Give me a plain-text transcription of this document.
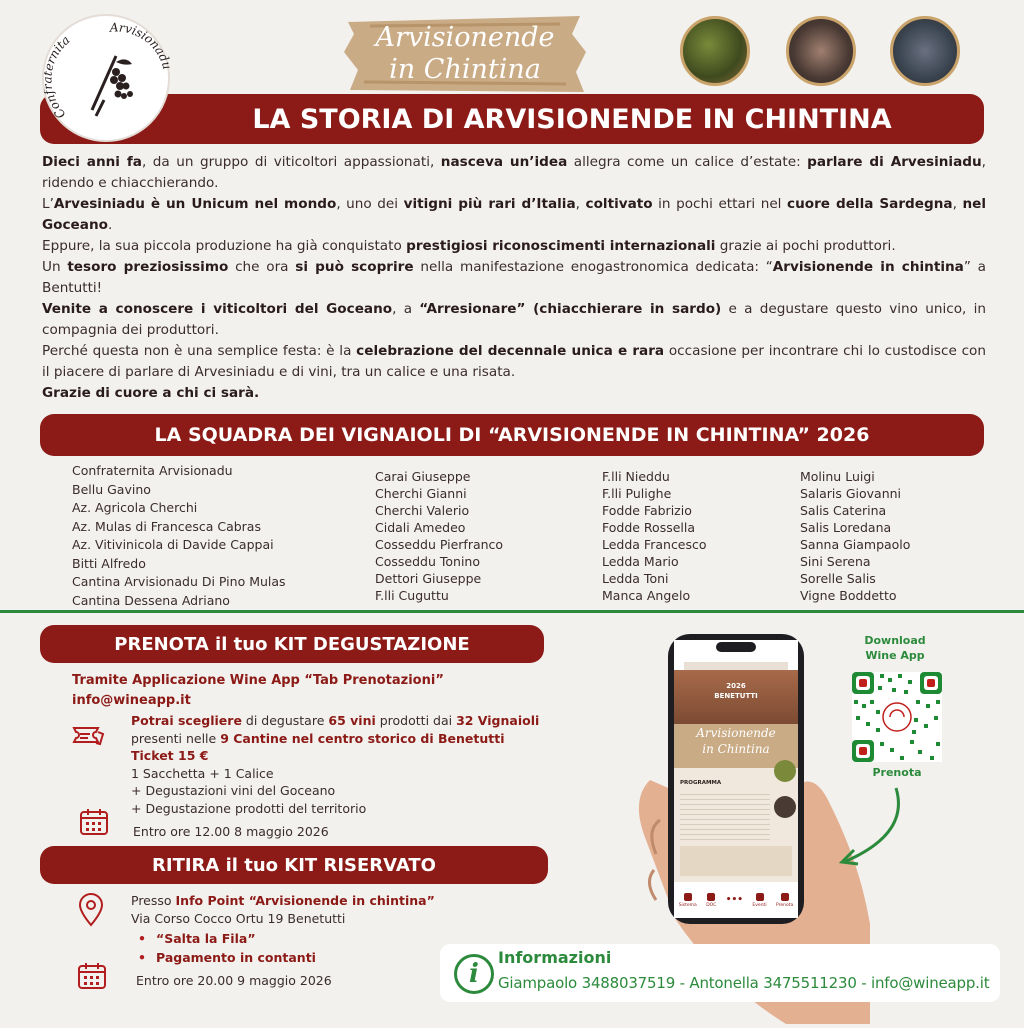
Con rnita
Arvisionad
Arvisionende
in Chintina
LA STORIA DI ARVISIONENDE IN CHINTINA
Dieci anni fa, da un gruppo di viticoltori appassionati, nasceva un’idea allegra come un calice d’estate: parlare di Arvesiniadu, ridendo e chiacchierando.
L’Arvesiniadu è un Unicum nel mondo, uno dei vitigni più rari d’Italia, coltivato in pochi ettari nel cuore della Sardegna, nel Goceano.
Eppure, la sua piccola produzione ha già conquistato prestigiosi riconoscimenti internazionali grazie ai pochi produttori.
Un tesoro preziosissimo che ora si può scoprire nella manifestazione enogastronomica dedicata: “Arvisionende in chintina” a Bentutti!
Venite a conoscere i viticoltori del Goceano, a “Arresionare” (chiacchierare in sardo) e a degustare questo vino unico, in compagnia dei produttori.
Perché questa non è una semplice festa: è la celebrazione del decennale unica e rara occasione per incontrare chi lo custodisce con il piacere di parlare di Arvesiniadu e di vini, tra un calice e una risata.
Grazie di cuore a chi ci sarà.
LA SQUADRA DEI VIGNAIOLI DI “ARVISIONENDE IN CHINTINA” 2026
Confraternita Arvisionadu
Bellu Gavino
Az. Agricola Cherchi
Az. Mulas di Francesca Cabras
Az. Vitivinicola di Davide Cappai
Bitti Alfredo
Cantina Arvisionadu Di Pino Mulas
Cantina Dessena Adriano
Carai Giuseppe
Cherchi Gianni
Cherchi Valerio
Cidali Amedeo
Cosseddu Pierfranco
Cosseddu Tonino
Dettori Giuseppe
F.lli Cuguttu
F.lli Nieddu
F.lli Pulighe
Fodde Fabrizio
Fodde Rossella
Ledda Francesco
Ledda Mario
Ledda Toni
Manca Angelo
Molinu Luigi
Salaris Giovanni
Salis Caterina
Salis Loredana
Sanna Giampaolo
Sini Serena
Sorelle Salis
Vigne Boddetto
PRENOTA il tuo KIT DEGUSTAZIONE
Tramite Applicazione Wine App “Tab Prenotazioni”
info@wineapp.it
Potrai scegliere di degustare 65 vini prodotti dai 32 Vignaioli
presenti nelle 9 Cantine nel centro storico di Benetutti
Ticket 15 €
1 Sacchetta + 1 Calice
+ Degustazioni vini del Goceano
+ Degustazione prodotti del territorio
Entro ore 12.00 8 maggio 2026
RITIRA il tuo KIT RISERVATO
Presso Info Point “Arvisionende in chintina”
Via Corso Cocco Ortu 19 Benetutti
• “Salta la Fila”
• Pagamento in contanti
Entro ore 20.00 9 maggio 2026
2026
BENETUTTI
Arvisionende
in Chintina
PROGRAMMA
Sistema DOC ••• Eventi Prenota
Download
Wine App
Prenota
i
Informazioni
Giampaolo 3488037519 - Antonella 3475511230 - info@wineapp.it
